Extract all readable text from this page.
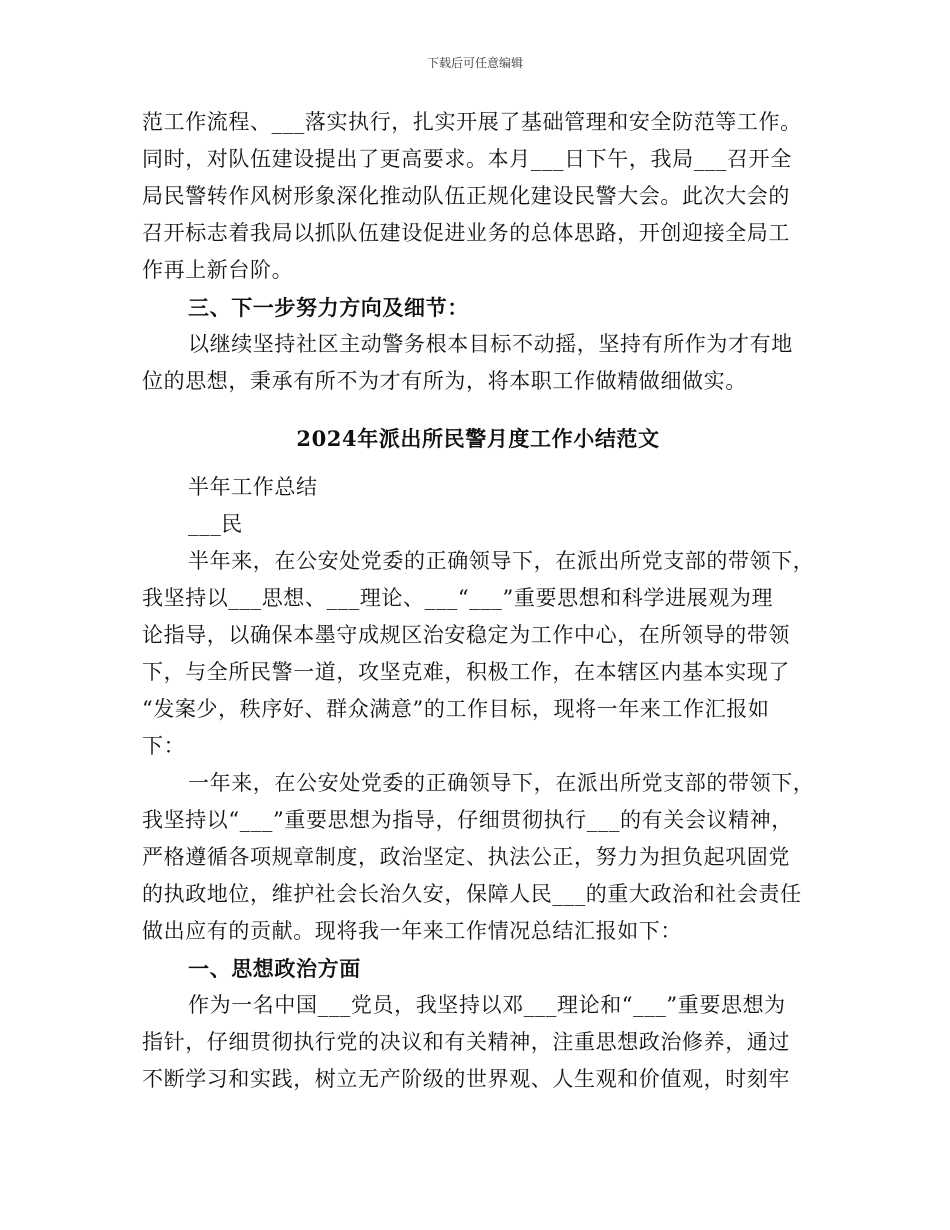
下载后可任意编辑
范工作流程、___落实执行，扎实开展了基础管理和安全防范等工作。
同时，对队伍建设提出了更高要求。本月___日下午，我局___召开全
局民警转作风树形象深化推动队伍正规化建设民警大会。此次大会的
召开标志着我局以抓队伍建设促进业务的总体思路，开创迎接全局工
作再上新台阶。
三、下一步努力方向及细节：
以继续坚持社区主动警务根本目标不动摇，坚持有所作为才有地
位的思想，秉承有所不为才有所为，将本职工作做精做细做实。
2024年派出所民警月度工作小结范文
半年工作总结
___民
半年来，在公安处党委的正确领导下，在派出所党支部的带领下，
我坚持以___思想、___理论、___“___”重要思想和科学进展观为理
论指导，以确保本墨守成规区治安稳定为工作中心，在所领导的带领
下，与全所民警一道，攻坚克难，积极工作，在本辖区内基本实现了
“发案少，秩序好、群众满意”的工作目标，现将一年来工作汇报如
下：
一年来，在公安处党委的正确领导下，在派出所党支部的带领下，
我坚持以“___”重要思想为指导，仔细贯彻执行___的有关会议精神，
严格遵循各项规章制度，政治坚定、执法公正，努力为担负起巩固党
的执政地位，维护社会长治久安，保障人民___的重大政治和社会责任
做出应有的贡献。现将我一年来工作情况总结汇报如下：
一、思想政治方面
作为一名中国___党员，我坚持以邓___理论和“___”重要思想为
指针，仔细贯彻执行党的决议和有关精神，注重思想政治修养，通过
不断学习和实践，树立无产阶级的世界观、人生观和价值观，时刻牢
